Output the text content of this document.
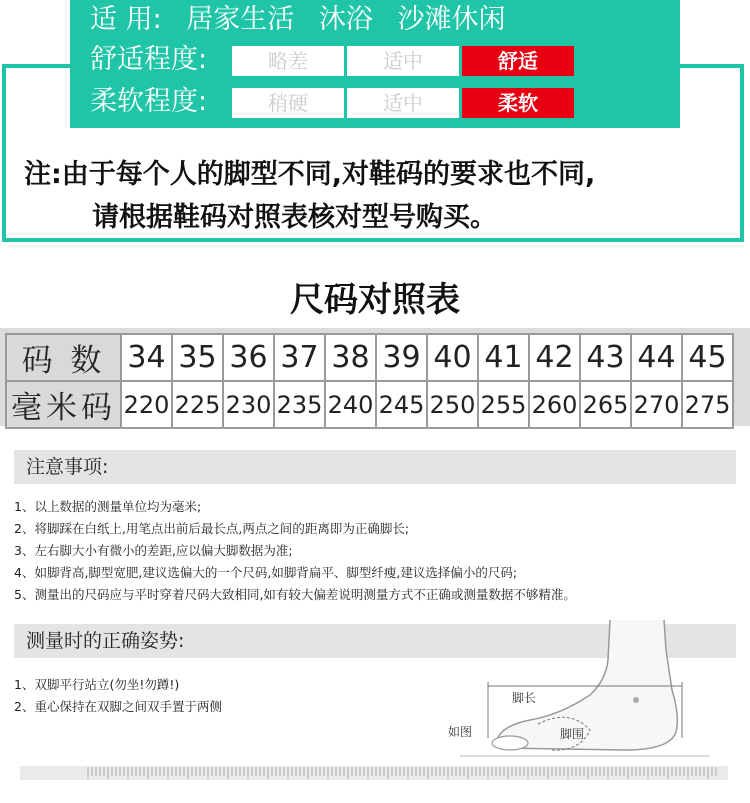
适 用: 居家生活 沐浴 沙滩休闲
舒适程度:	略差	适中	舒适
柔软程度:	稍硬	适中	柔软
注:由于每个人的脚型不同,对鞋码的要求也不同,
请根据鞋码对照表核对型号购买。
尺码对照表
码 数	34	35	36	37	38	39	40	41	42	43	44	45
毫米码	220	225	230	235	240	245	250	255	260	265	270	275
注意事项:
1、以上数据的测量单位均为毫米;
2、将脚踩在白纸上,用笔点出前后最长点,两点之间的距离即为正确脚长;
3、左右脚大小有微小的差距,应以偏大脚数据为准;
4、如脚背高,脚型宽肥,建议选偏大的一个尺码,如脚背扁平、脚型纤瘦,建议选择偏小的尺码;
5、测量出的尺码应与平时穿着尺码大致相同,如有较大偏差说明测量方式不正确或测量数据不够精准。
测量时的正确姿势:
1、双脚平行站立(勿坐!勿蹲!)
2、重心保持在双脚之间双手置于两侧
脚长
脚围
如图
